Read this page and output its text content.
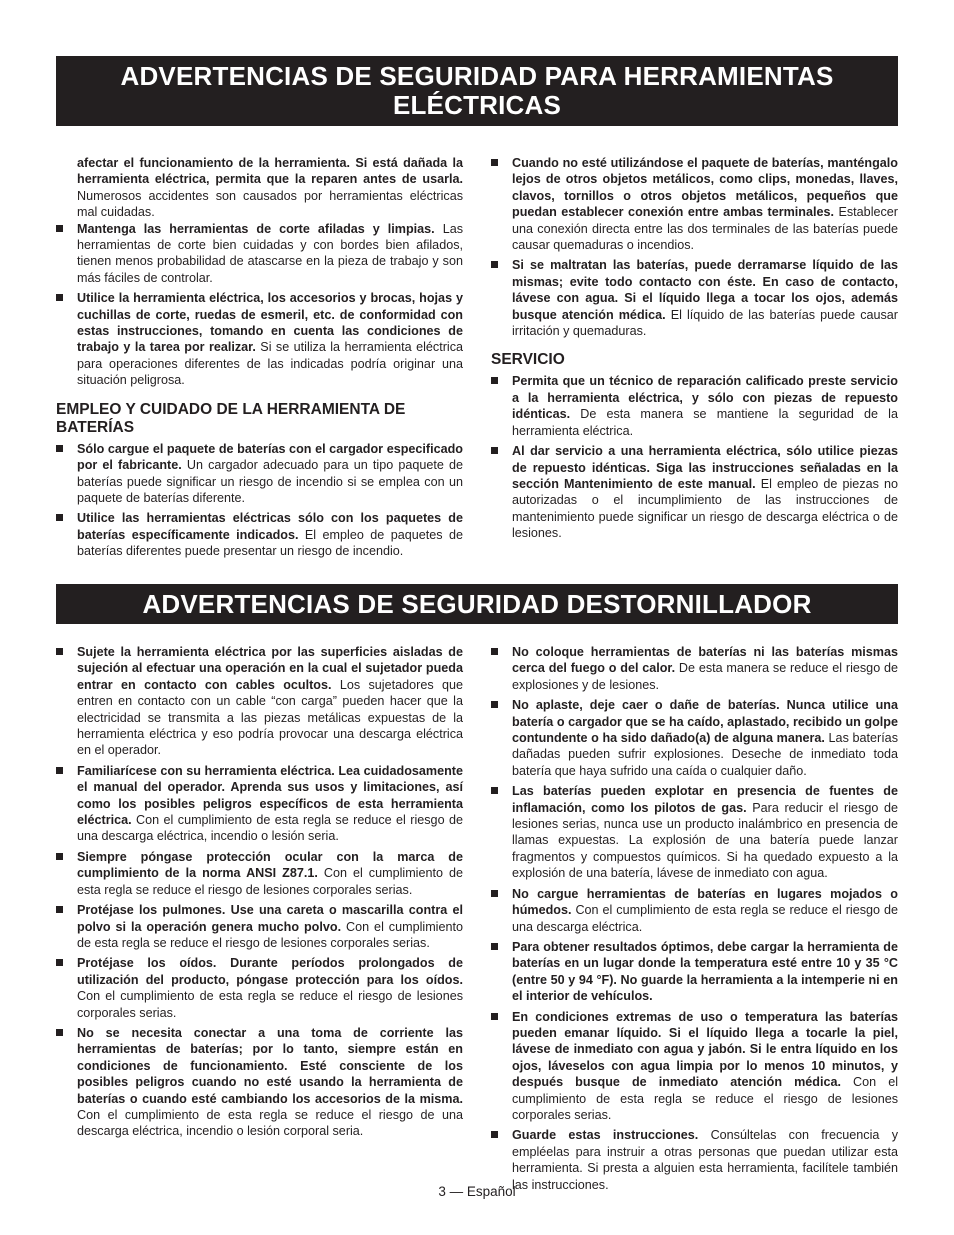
ADVERTENCIAS DE SEGURIDAD PARA HERRAMIENTAS
ELÉCTRICAS

afectar el funcionamiento de la herramienta. Si está dañada la herramienta eléctrica, permita que la reparen antes de usarla. Numerosos accidentes son causados por herramientas eléctricas mal cuidadas.

Mantenga las herramientas de corte afiladas y limpias. Las herramientas de corte bien cuidadas y con bordes bien afilados, tienen menos probabilidad de atascarse en la pieza de trabajo y son más fáciles de controlar.
Utilice la herramienta eléctrica, los accesorios y brocas, hojas y cuchillas de corte, ruedas de esmeril, etc. de conformidad con estas instrucciones, tomando en cuenta las condiciones de trabajo y la tarea por realizar. Si se utiliza la herramienta eléctrica para operaciones diferentes de las indicadas podría originar una situación peligrosa.
EMPLEO Y CUIDADO DE LA HERRAMIENTA DE BATERÍAS
Sólo cargue el paquete de baterías con el cargador especificado por el fabricante. Un cargador adecuado para un tipo paquete de baterías puede significar un riesgo de incendio si se emplea con un paquete de baterías diferente.
Utilice las herramientas eléctricas sólo con los paquetes de baterías específicamente indicados. El empleo de paquetes de baterías diferentes puede presentar un riesgo de incendio.
Cuando no esté utilizándose el paquete de baterías, manténgalo lejos de otros objetos metálicos, como clips, monedas, llaves, clavos, tornillos o otros objetos metálicos, pequeños que puedan establecer conexión entre ambas terminales. Establecer una conexión directa entre las dos terminales de las baterías puede causar quemaduras o incendios.
Si se maltratan las baterías, puede derramarse líquido de las mismas; evite todo contacto con éste. En caso de contacto, lávese con agua. Si el líquido llega a tocar los ojos, además busque atención médica. El líquido de las baterías puede causar irritación y quemaduras.
SERVICIO
Permita que un técnico de reparación calificado preste servicio a la herramienta eléctrica, y sólo con piezas de repuesto idénticas. De esta manera se mantiene la seguridad de la herramienta eléctrica.
Al dar servicio a una herramienta eléctrica, sólo utilice piezas de repuesto idénticas. Siga las instrucciones señaladas en la sección Mantenimiento de este manual. El empleo de piezas no autorizadas o el incumplimiento de las instrucciones de mantenimiento puede significar un riesgo de descarga eléctrica o de lesiones.
ADVERTENCIAS DE SEGURIDAD DESTORNILLADOR
Sujete la herramienta eléctrica por las superficies aisladas de sujeción al efectuar una operación en la cual el sujetador pueda entrar en contacto con cables ocultos. Los sujetadores que entren en contacto con un cable “con carga” pueden hacer que la electricidad se transmita a las piezas metálicas expuestas de la herramienta eléctrica y eso podría provocar una descarga eléctrica en el operador.
Familiarícese con su herramienta eléctrica. Lea cuidadosamente el manual del operador. Aprenda sus usos y limitaciones, así como los posibles peligros específicos de esta herramienta eléctrica. Con el cumplimiento de esta regla se reduce el riesgo de una descarga eléctrica, incendio o lesión seria.
Siempre póngase protección ocular con la marca de cumplimiento de la norma ANSI Z87.1. Con el cumplimiento de esta regla se reduce el riesgo de lesiones corporales serias.
Protéjase los pulmones. Use una careta o mascarilla contra el polvo si la operación genera mucho polvo. Con el cumplimiento de esta regla se reduce el riesgo de lesiones corporales serias.
Protéjase los oídos. Durante períodos prolongados de utilización del producto, póngase protección para los oídos. Con el cumplimiento de esta regla se reduce el riesgo de lesiones corporales serias.
No se necesita conectar a una toma de corriente las herramientas de baterías; por lo tanto, siempre están en condiciones de funcionamiento. Esté consciente de los posibles peligros cuando no esté usando la herramienta de baterías o cuando esté cambiando los accesorios de la misma. Con el cumplimiento de esta regla se reduce el riesgo de una descarga eléctrica, incendio o lesión corporal seria.
No coloque herramientas de baterías ni las baterías mismas cerca del fuego o del calor. De esta manera se reduce el riesgo de explosiones y de lesiones.
No aplaste, deje caer o dañe de baterías. Nunca utilice una batería o cargador que se ha caído, aplastado, recibido un golpe contundente o ha sido dañado(a) de alguna manera. Las baterías dañadas pueden sufrir explosiones. Deseche de inmediato toda batería que haya sufrido una caída o cualquier daño.
Las baterías pueden explotar en presencia de fuentes de inflamación, como los pilotos de gas. Para reducir el riesgo de lesiones serias, nunca use un producto inalámbrico en presencia de llamas expuestas. La explosión de una batería puede lanzar fragmentos y compuestos químicos. Si ha quedado expuesto a la explosión de una batería, lávese de inmediato con agua.
No cargue herramientas de baterías en lugares mojados o húmedos. Con el cumplimiento de esta regla se reduce el riesgo de una descarga eléctrica.
Para obtener resultados óptimos, debe cargar la herramienta de baterías en un lugar donde la temperatura esté entre 10 y 35 °C (entre 50 y 94 °F). No guarde la herramienta a la intemperie ni en el interior de vehículos.
En condiciones extremas de uso o temperatura las baterías pueden emanar líquido. Si el líquido llega a tocarle la piel, lávese de inmediato con agua y jabón. Si le entra líquido en los ojos, láveselos con agua limpia por lo menos 10 minutos, y después busque de inmediato atención médica. Con el cumplimiento de esta regla se reduce el riesgo de lesiones corporales serias.
Guarde estas instrucciones. Consúltelas con frecuencia y empléelas para instruir a otras personas que puedan utilizar esta herramienta. Si presta a alguien esta herramienta, facilítele también las instrucciones.
3 — Español
